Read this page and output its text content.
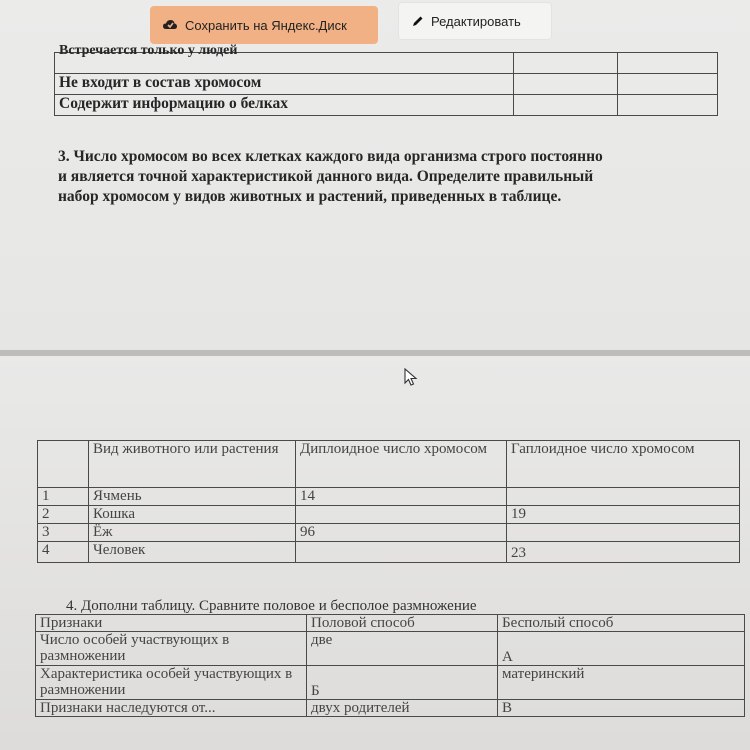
Сохранить на Яндекс.Диск	Редактировать
Встречается только у людей		

Не входит в состав хромосом		
Содержит информацию о белках		
3. Число хромосом во всех клетках каждого вида организма строго постоянно
и является точной характеристикой данного вида. Определите правильный
набор хромосом у видов животных и растений, приведенных в таблице.
	Вид животного или растения	Диплоидное число хромосом	Гаплоидное число хромосом
1	Ячмень	14	
2	Кошка		19
3	Ёж	96	
4	Человек		23
4. Дополни таблицу. Сравните половое и бесполое размножение
Признаки	Половой способ	Бесполый способ
Число особей участвующих в размножении	две	А
Характеристика особей участвующих в размножении	Б	материнский
Признаки наследуются от...	двух родителей	В
